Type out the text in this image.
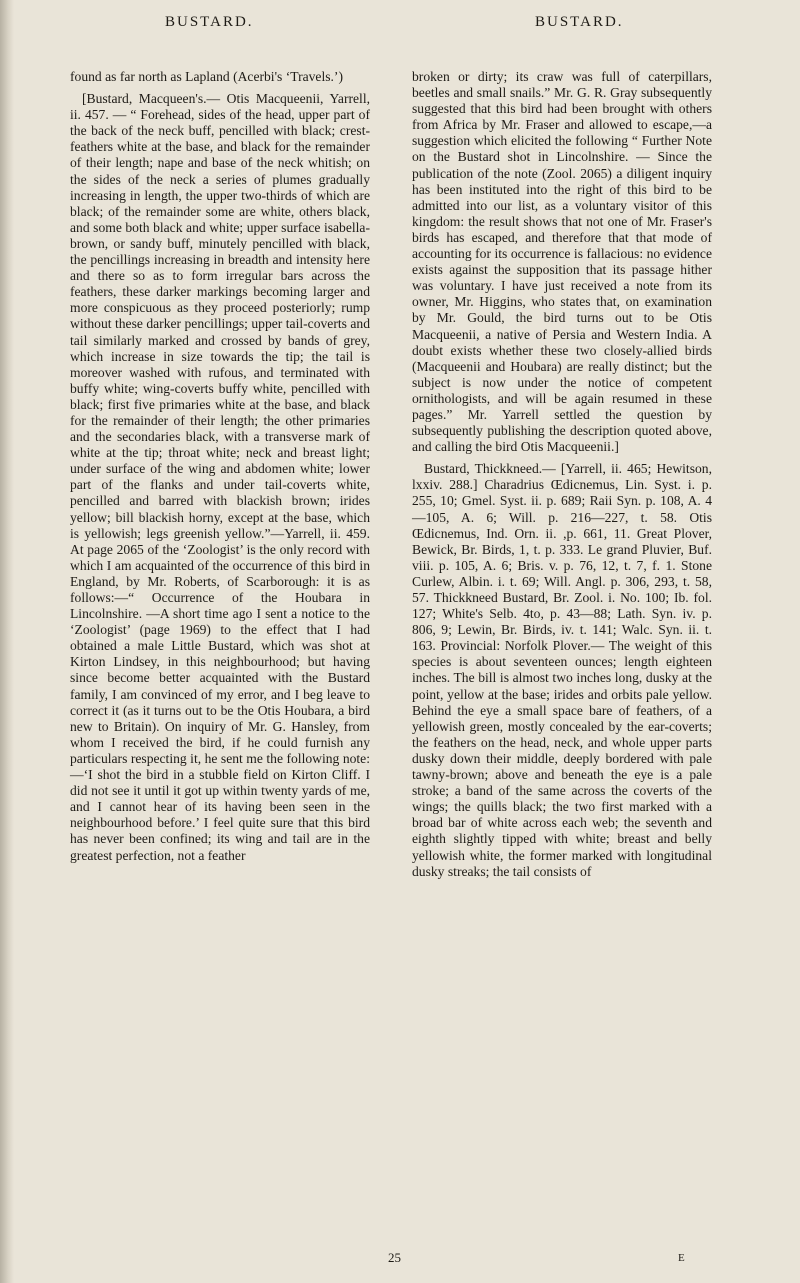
BUSTARD.	BUSTARD.

found as far north as Lapland (Acerbi's ‘Travels.’)

[Bustard, Macqueen's.— Otis Macqueenii, Yarrell, ii. 457. — “ Forehead, sides of the head, upper part of the back of the neck buff, pencilled with black; crest-feathers white at the base, and black for the remainder of their length; nape and base of the neck whitish; on the sides of the neck a series of plumes gradually increasing in length, the upper two-thirds of which are black; of the remainder some are white, others black, and some both black and white; upper surface isabella-brown, or sandy buff, minutely pencilled with black, the pencillings increasing in breadth and intensity here and there so as to form irregular bars across the feathers, these darker markings becoming larger and more conspicuous as they proceed posteriorly; rump without these darker pencillings; upper tail-coverts and tail similarly marked and crossed by bands of grey, which increase in size towards the tip; the tail is moreover washed with rufous, and terminated with buffy white; wing-coverts buffy white, pencilled with black; first five primaries white at the base, and black for the remainder of their length; the other primaries and the secondaries black, with a transverse mark of white at the tip; throat white; neck and breast light; under surface of the wing and abdomen white; lower part of the flanks and under tail-coverts white, pencilled and barred with blackish brown; irides yellow; bill blackish horny, except at the base, which is yellowish; legs greenish yellow.”—Yarrell, ii. 459. At page 2065 of the ‘Zoologist’ is the only record with which I am acquainted of the occurrence of this bird in England, by Mr. Roberts, of Scarborough: it is as follows:—“ Occurrence of the Houbara in Lincolnshire. —A short time ago I sent a notice to the ‘Zoologist’ (page 1969) to the effect that I had obtained a male Little Bustard, which was shot at Kirton Lindsey, in this neighbourhood; but having since become better acquainted with the Bustard family, I am convinced of my error, and I beg leave to correct it (as it turns out to be the Otis Houbara, a bird new to Britain). On inquiry of Mr. G. Hansley, from whom I received the bird, if he could furnish any particulars respecting it, he sent me the following note:—‘I shot the bird in a stubble field on Kirton Cliff. I did not see it until it got up within twenty yards of me, and I cannot hear of its having been seen in the neighbourhood before.’ I feel quite sure that this bird has never been confined; its wing and tail are in the greatest perfection, not a feather

broken or dirty; its craw was full of caterpillars, beetles and small snails.” Mr. G. R. Gray subsequently suggested that this bird had been brought with others from Africa by Mr. Fraser and allowed to escape,—a suggestion which elicited the following “ Further Note on the Bustard shot in Lincolnshire. — Since the publication of the note (Zool. 2065) a diligent inquiry has been instituted into the right of this bird to be admitted into our list, as a voluntary visitor of this kingdom: the result shows that not one of Mr. Fraser's birds has escaped, and therefore that that mode of accounting for its occurrence is fallacious: no evidence exists against the supposition that its passage hither was voluntary. I have just received a note from its owner, Mr. Higgins, who states that, on examination by Mr. Gould, the bird turns out to be Otis Macqueenii, a native of Persia and Western India. A doubt exists whether these two closely-allied birds (Macqueenii and Houbara) are really distinct; but the subject is now under the notice of competent ornithologists, and will be again resumed in these pages.” Mr. Yarrell settled the question by subsequently publishing the description quoted above, and calling the bird Otis Macqueenii.]

Bustard, Thickkneed.— [Yarrell, ii. 465; Hewitson, lxxiv. 288.] Charadrius Œdicnemus, Lin. Syst. i. p. 255, 10; Gmel. Syst. ii. p. 689; Raii Syn. p. 108, A. 4—105, A. 6; Will. p. 216—227, t. 58. Otis Œdicnemus, Ind. Orn. ii. ,p. 661, 11. Great Plover, Bewick, Br. Birds, 1, t. p. 333. Le grand Pluvier, Buf. viii. p. 105, A. 6; Bris. v. p. 76, 12, t. 7, f. 1. Stone Curlew, Albin. i. t. 69; Will. Angl. p. 306, 293, t. 58, 57. Thickkneed Bustard, Br. Zool. i. No. 100; Ib. fol. 127; White's Selb. 4to, p. 43—88; Lath. Syn. iv. p. 806, 9; Lewin, Br. Birds, iv. t. 141; Walc. Syn. ii. t. 163. Provincial: Norfolk Plover.— The weight of this species is about seventeen ounces; length eighteen inches. The bill is almost two inches long, dusky at the point, yellow at the base; irides and orbits pale yellow. Behind the eye a small space bare of feathers, of a yellowish green, mostly concealed by the ear-coverts; the feathers on the head, neck, and whole upper parts dusky down their middle, deeply bordered with pale tawny-brown; above and beneath the eye is a pale stroke; a band of the same across the coverts of the wings; the quills black; the two first marked with a broad bar of white across each web; the seventh and eighth slightly tipped with white; breast and belly yellowish white, the former marked with longitudinal dusky streaks; the tail consists of

25	E
